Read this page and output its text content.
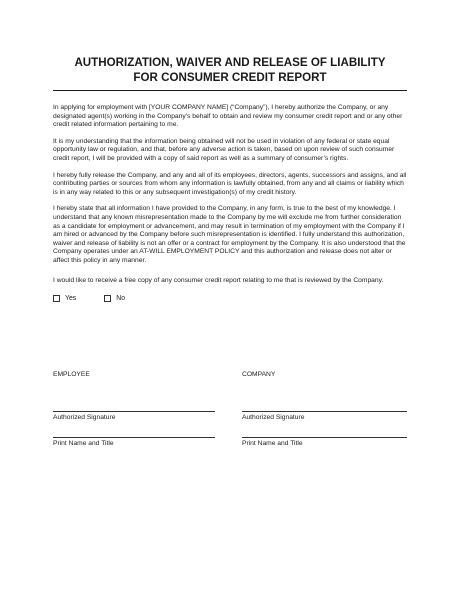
AUTHORIZATION, WAIVER AND RELEASE OF LIABILITY
FOR CONSUMER CREDIT REPORT

In applying for employment with [YOUR COMPANY NAME] (“Company”), I hereby authorize the Company, or any designated agent(s) working in the Company’s behalf to obtain and review my consumer credit report and or any other credit related information pertaining to me.

It is my understanding that the information being obtained will not be used in violation of any federal or state equal opportunity law or regulation, and that, before any adverse action is taken, based on upon review of such consumer credit report, I will be provided with a copy of said report as well as a summary of consumer’s rights.

I hereby fully release the Company, and any and all of its employees, directors, agents, successors and assigns, and all contributing parties or sources from whom any information is lawfully obtained, from any and all claims or liability which is in any way related to this or any subsequent investigation(s) of my credit history.

I hereby state that all information I have provided to the Company, in any form, is true to the best of my knowledge. I understand that any known misrepresentation made to the Company by me will exclude me from further consideration as a candidate for employment or advancement, and may result in termination of my employment with the Company if I am hired or advanced by the Company before such misrepresentation is identified. I fully understand this authorization, waiver and release of liability is not an offer or a contract for employment by the Company. It is also understood that the Company operates under an AT-WILL EMPLOYMENT POLICY and this authorization and release does not alter or affect this policy in any manner.

I would like to receive a free copy of any consumer credit report relating to me that is reviewed by the Company.

Yes	No

EMPLOYEE

Authorized Signature
Print Name and Title

COMPANY

Authorized Signature
Print Name and Title
